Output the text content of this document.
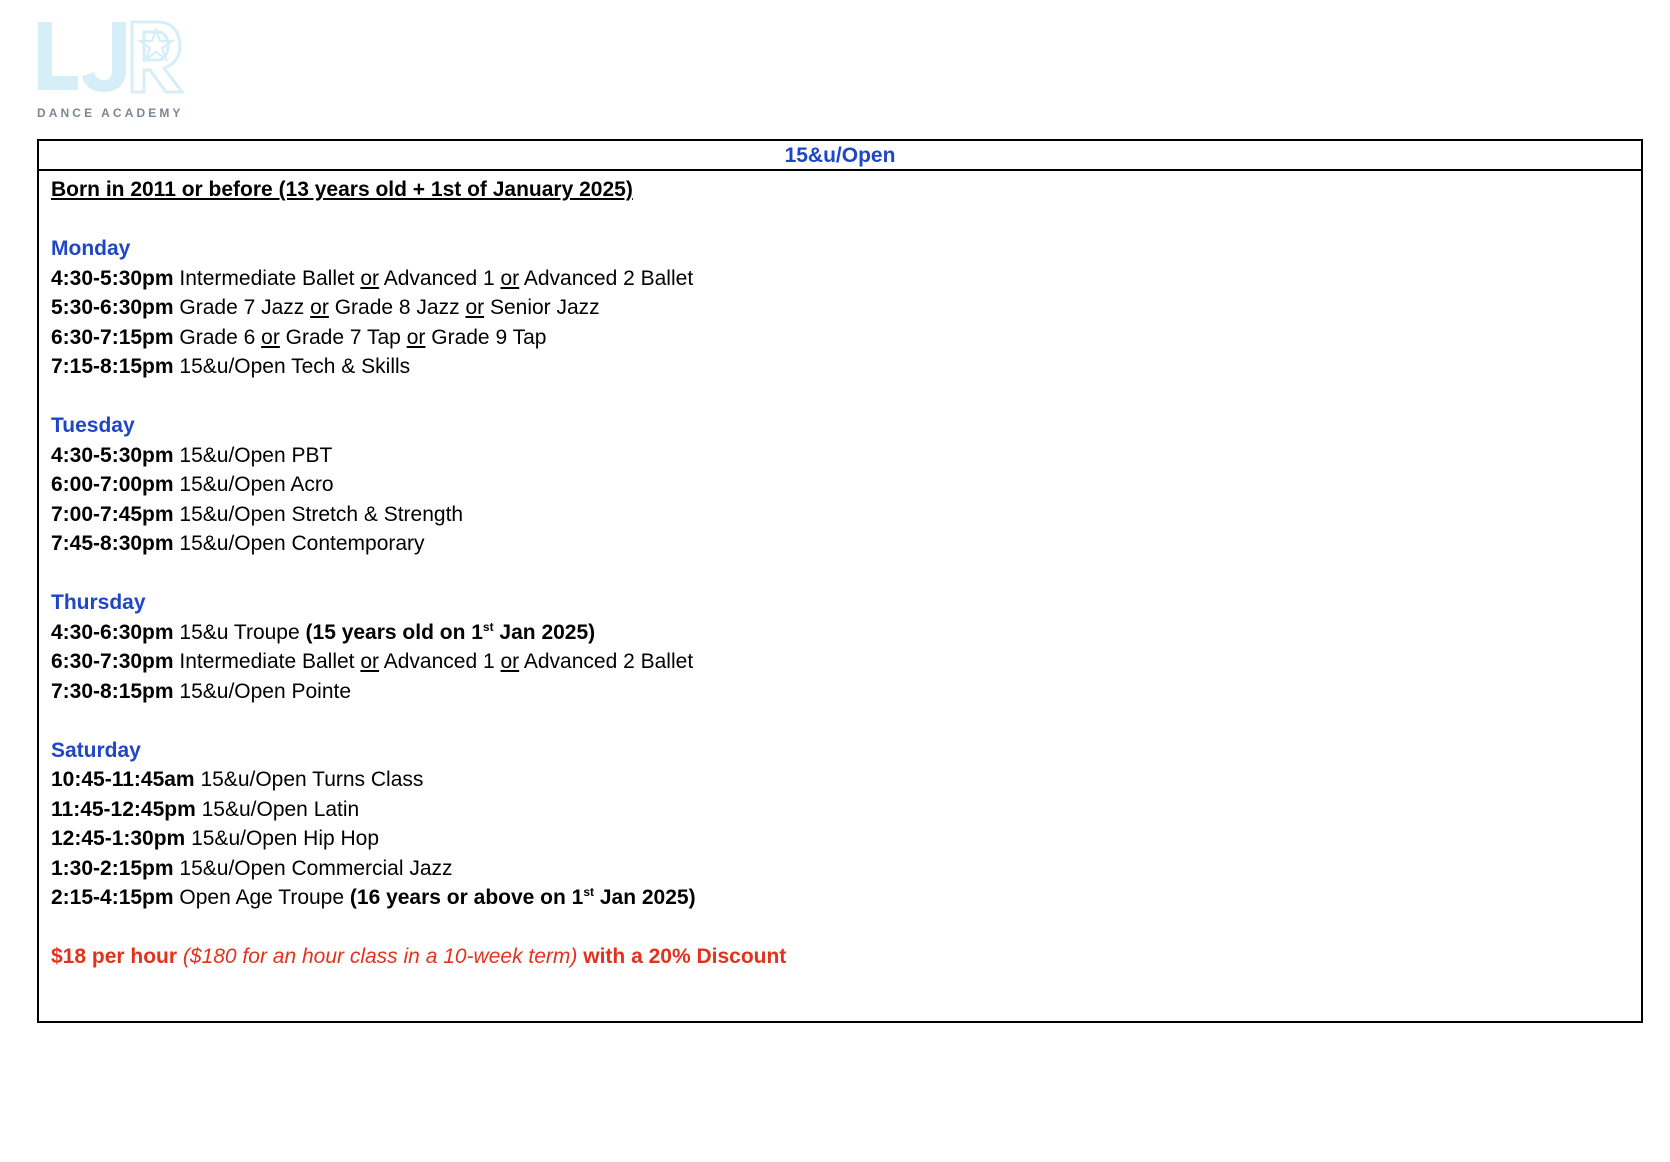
DANCE ACADEMY
15&u/Open
Born in 2011 or before (13 years old + 1st of January 2025)
Monday
4:30-5:30pm Intermediate Ballet or Advanced 1 or Advanced 2 Ballet
5:30-6:30pm Grade 7 Jazz or Grade 8 Jazz or Senior Jazz
6:30-7:15pm Grade 6 or Grade 7 Tap or Grade 9 Tap
7:15-8:15pm 15&u/Open Tech & Skills
Tuesday
4:30-5:30pm 15&u/Open PBT
6:00-7:00pm 15&u/Open Acro
7:00-7:45pm 15&u/Open Stretch & Strength
7:45-8:30pm 15&u/Open Contemporary
Thursday
4:30-6:30pm 15&u Troupe (15 years old on 1st Jan 2025)
6:30-7:30pm Intermediate Ballet or Advanced 1 or Advanced 2 Ballet
7:30-8:15pm 15&u/Open Pointe
Saturday
10:45-11:45am 15&u/Open Turns Class
11:45-12:45pm 15&u/Open Latin
12:45-1:30pm 15&u/Open Hip Hop
1:30-2:15pm 15&u/Open Commercial Jazz
2:15-4:15pm Open Age Troupe (16 years or above on 1st Jan 2025)
$18 per hour ($180 for an hour class in a 10-week term) with a 20% Discount
